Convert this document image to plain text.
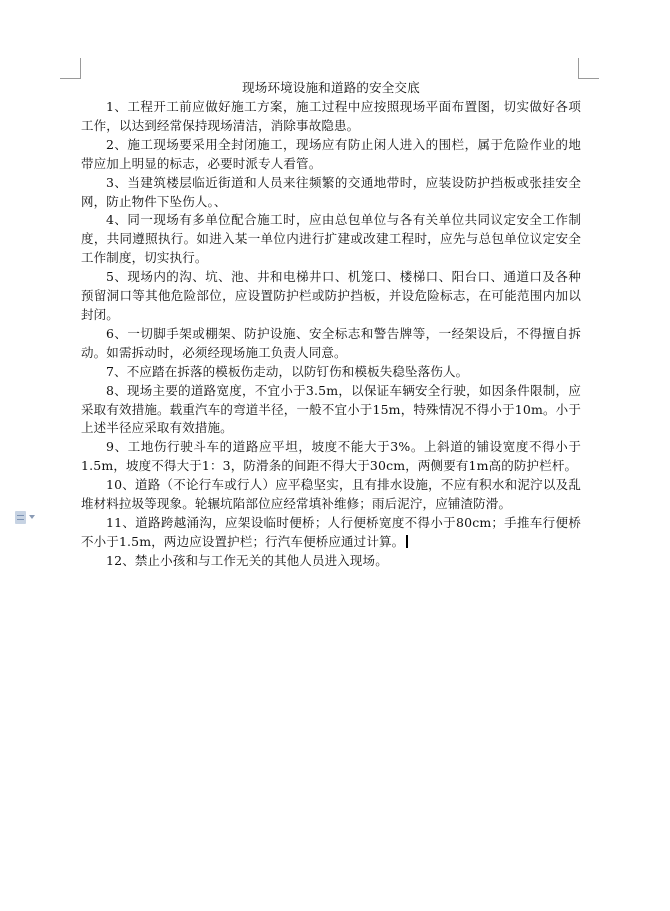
现场环境设施和道路的安全交底

1、工程开工前应做好施工方案，施工过程中应按照现场平面布置图，切实做好各项工作，以达到经常保持现场清洁，消除事故隐患。

2、施工现场要采用全封闭施工，现场应有防止闲人进入的围栏，属于危险作业的地带应加上明显的标志，必要时派专人看管。

3、当建筑楼层临近街道和人员来往频繁的交通地带时，应装设防护挡板或张挂安全网，防止物件下坠伤人。、

4、同一现场有多单位配合施工时，应由总包单位与各有关单位共同议定安全工作制度，共同遵照执行。如进入某一单位内进行扩建或改建工程时，应先与总包单位议定安全工作制度，切实执行。

5、现场内的沟、坑、池、井和电梯井口、机笼口、楼梯口、阳台口、通道口及各种预留洞口等其他危险部位，应设置防护栏或防护挡板，并设危险标志，在可能范围内加以封闭。

6、一切脚手架或棚架、防护设施、安全标志和警告牌等，一经架设后，不得擅自拆动。如需拆动时，必须经现场施工负责人同意。

7、不应踏在拆落的模板伤走动，以防钉伤和模板失稳坠落伤人。

8、现场主要的道路宽度，不宜小于3.5m，以保证车辆安全行驶，如因条件限制，应采取有效措施。载重汽车的弯道半径，一般不宜小于15m，特殊情况不得小于10m。小于上述半径应采取有效措施。

9、工地伤行驶斗车的道路应平坦，坡度不能大于3%。上斜道的铺设宽度不得小于1.5m，坡度不得大于1：3，防滑条的间距不得大于30cm，两侧要有1m高的防护栏杆。

10、道路（不论行车或行人）应平稳坚实，且有排水设施，不应有积水和泥泞以及乱堆材料拉圾等现象。轮辗坑陷部位应经常填补维修；雨后泥泞，应铺渣防滑。

11、道路跨越涌沟，应架设临时便桥；人行便桥宽度不得小于80cm；手推车行便桥不小于1.5m，两边应设置护栏；行汽车便桥应通过计算。

12、禁止小孩和与工作无关的其他人员进入现场。
